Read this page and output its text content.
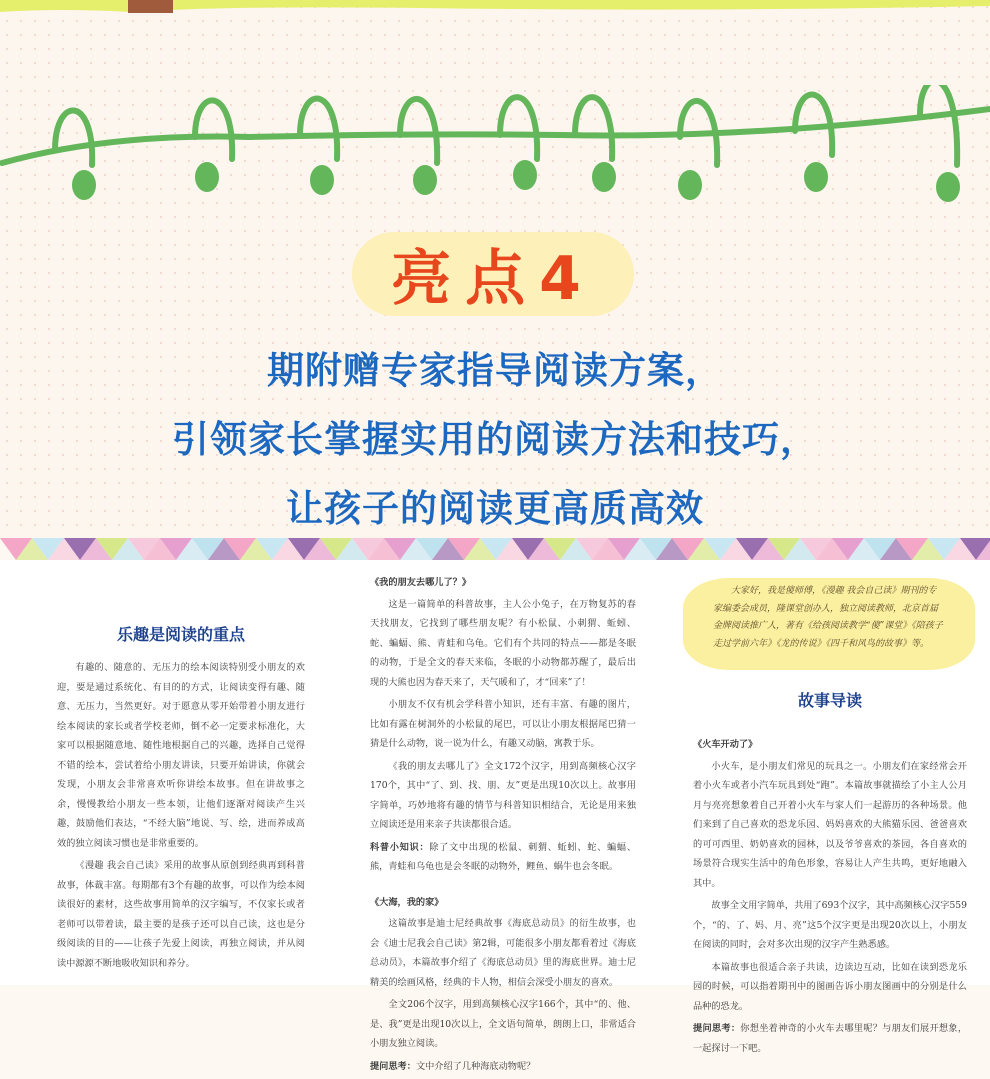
亮点4
期附赠专家指导阅读方案，
引领家长掌握实用的阅读方法和技巧，
让孩子的阅读更高质高效
乐趣是阅读的重点

有趣的、随意的、无压力的绘本阅读特别受小朋友的欢迎，要是通过系统化、有目的的方式，让阅读变得有趣、随意、无压力，当然更好。对于愿意从零开始带着小朋友进行绘本阅读的家长或者学校老师，倒不必一定要求标准化，大家可以根据随意地、随性地根据自己的兴趣，选择自己觉得不错的绘本，尝试着给小朋友讲读，只要开始讲读，你就会发现，小朋友会非常喜欢听你讲绘本故事。但在讲故事之余，慢慢教给小朋友一些本领，让他们逐渐对阅读产生兴趣，鼓励他们表达，“不经大脑”地说、写、绘，进而养成高效的独立阅读习惯也是非常重要的。

《漫趣 我会自己读》采用的故事从原创到经典再到科普故事，体裁丰富。每期都有3个有趣的故事，可以作为绘本阅读很好的素材，这些故事用简单的汉字编写，不仅家长或者老师可以带着读，最主要的是孩子还可以自己读，这也是分级阅读的目的——让孩子先爱上阅读，再独立阅读，并从阅读中源源不断地吸收知识和养分。

《我的朋友去哪儿了？》

这是一篇简单的科普故事，主人公小兔子，在万物复苏的春天找朋友，它找到了哪些朋友呢？有小松鼠、小刺猬、蚯蚓、蛇、蝙蝠、熊、青蛙和乌龟。它们有个共同的特点——都是冬眠的动物，于是全文的春天来临，冬眠的小动物都苏醒了，最后出现的大熊也因为春天来了，天气暖和了，才“回来”了！

小朋友不仅有机会学科普小知识，还有丰富、有趣的图片，比如有露在树洞外的小松鼠的尾巴，可以让小朋友根据尾巴猜一猜是什么动物，说一说为什么，有趣又动脑，寓教于乐。

《我的朋友去哪儿了》全文172个汉字，用到高频核心汉字170个，其中“了、到、找、朋、友”更是出现10次以上。故事用字简单，巧妙地将有趣的情节与科普知识相结合，无论是用来独立阅读还是用来亲子共读都很合适。

科普小知识：除了文中出现的松鼠、刺猬、蚯蚓、蛇、蝙蝠、熊，青蛙和乌龟也是会冬眠的动物外，鲤鱼、蜗牛也会冬眠。

《大海，我的家》

这篇故事是迪士尼经典故事《海底总动员》的衍生故事，也会《迪士尼我会自己读》第2辑，可能很多小朋友都看着过《海底总动员》，本篇故事介绍了《海底总动员》里的海底世界。迪士尼精美的绘画风格，经典的卡人物，相信会深受小朋友的喜欢。

全文206个汉字，用到高频核心汉字166个，其中“的、他、是、我”更是出现10次以上，全文语句简单，朗朗上口，非常适合小朋友独立阅读。

提问思考：文中介绍了几种海底动物呢？

大家好，我是傻师傅，《漫趣 我会自己读》期刊的专家编委会成员，隆课堂创办人，独立阅读教师，北京首届金牌阅读推广人，著有《给孩阅读教学“傻”课堂》《陪孩子走过学前六年》《龙的传说》《四千和风鸟的故事》等。
故事导读

《火车开动了》

小火车，是小朋友们常见的玩具之一。小朋友们在家经常会开着小火车或者小汽车玩具到处“跑”。本篇故事就描绘了小主人公月月与亮亮想象着自己开着小火车与家人们一起游历的各种场景。他们来到了自己喜欢的恐龙乐园、妈妈喜欢的大熊猫乐园、爸爸喜欢的可可西里、奶奶喜欢的园林，以及爷爷喜欢的茶园，各自喜欢的场景符合现实生活中的角色形象，容易让人产生共鸣，更好地融入其中。

故事全文用字简单，共用了693个汉字，其中高频核心汉字559个，“的、了、妈、月、亮”这5个汉字更是出现20次以上，小朋友在阅读的同时，会对多次出现的汉字产生熟悉感。

本篇故事也很适合亲子共读，边读边互动，比如在读到恐龙乐园的时候，可以指着期刊中的图画告诉小朋友图画中的分别是什么品种的恐龙。

提问思考：你想坐着神奇的小火车去哪里呢？与朋友们展开想象，一起探讨一下吧。
